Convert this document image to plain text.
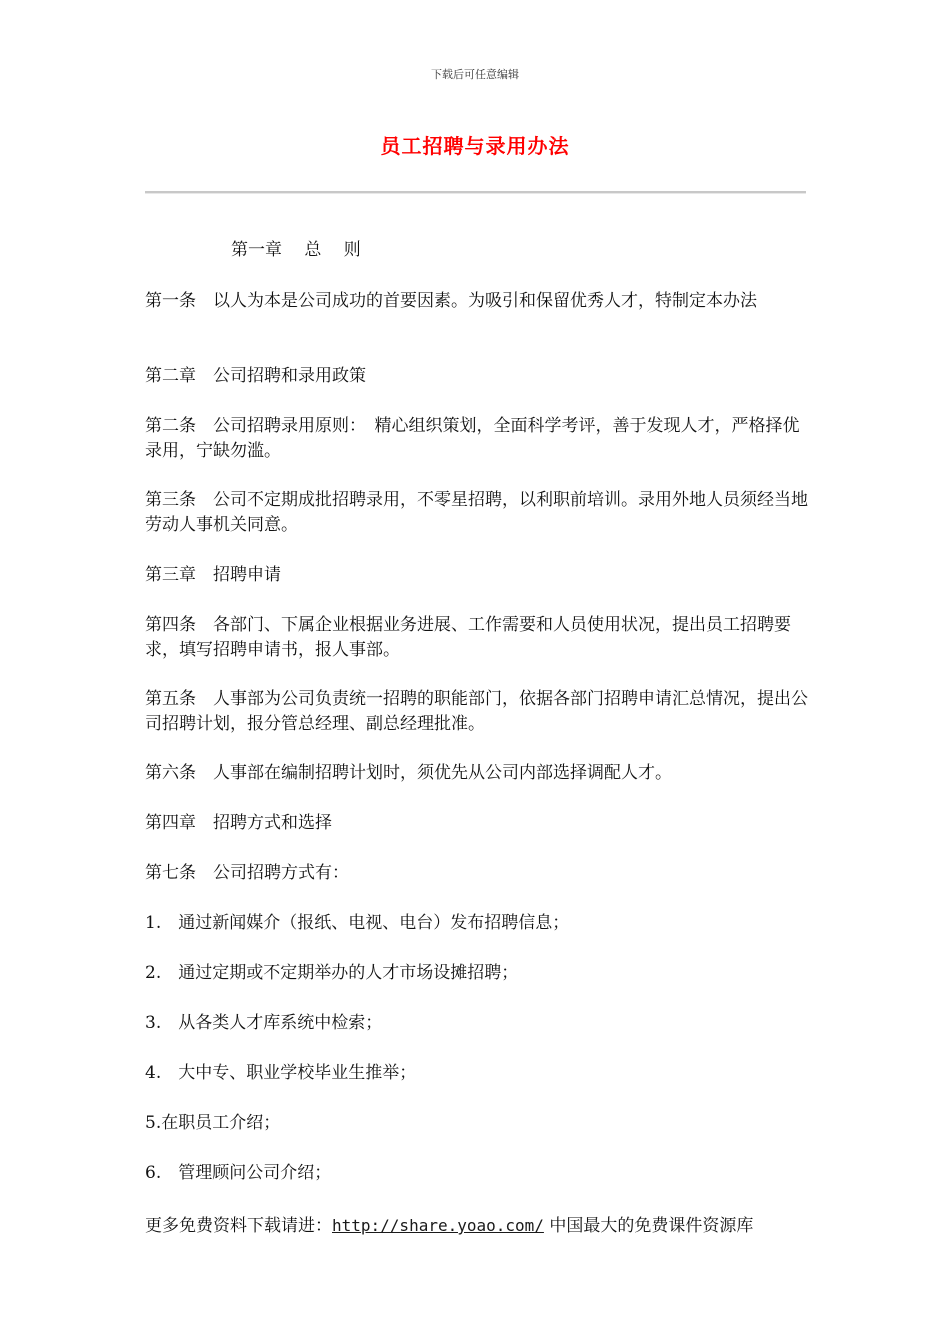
下载后可任意编辑
员工招聘与录用办法

第一章　 总　 则

第一条　以人为本是公司成功的首要因素。为吸引和保留优秀人才，特制定本办法

第二章　公司招聘和录用政策

第二条　公司招聘录用原则：　精心组织策划，全面科学考评，善于发现人才，严格择优录用，宁缺勿滥。

第三条　公司不定期成批招聘录用，不零星招聘，以利职前培训。录用外地人员须经当地劳动人事机关同意。

第三章　招聘申请

第四条　各部门、下属企业根据业务进展、工作需要和人员使用状况，提出员工招聘要求，填写招聘申请书，报人事部。

第五条　人事部为公司负责统一招聘的职能部门，依据各部门招聘申请汇总情况，提出公司招聘计划，报分管总经理、副总经理批准。

第六条　人事部在编制招聘计划时，须优先从公司内部选择调配人才。

第四章　招聘方式和选择

第七条　公司招聘方式有：

1.　通过新闻媒介（报纸、电视、电台）发布招聘信息；

2.　通过定期或不定期举办的人才市场设摊招聘；

3.　从各类人才库系统中检索；

4.　大中专、职业学校毕业生推举；

5.在职员工介绍；

6.　管理顾问公司介绍；

更多免费资料下载请进：http://share.yoao.com/ 中国最大的免费课件资源库
